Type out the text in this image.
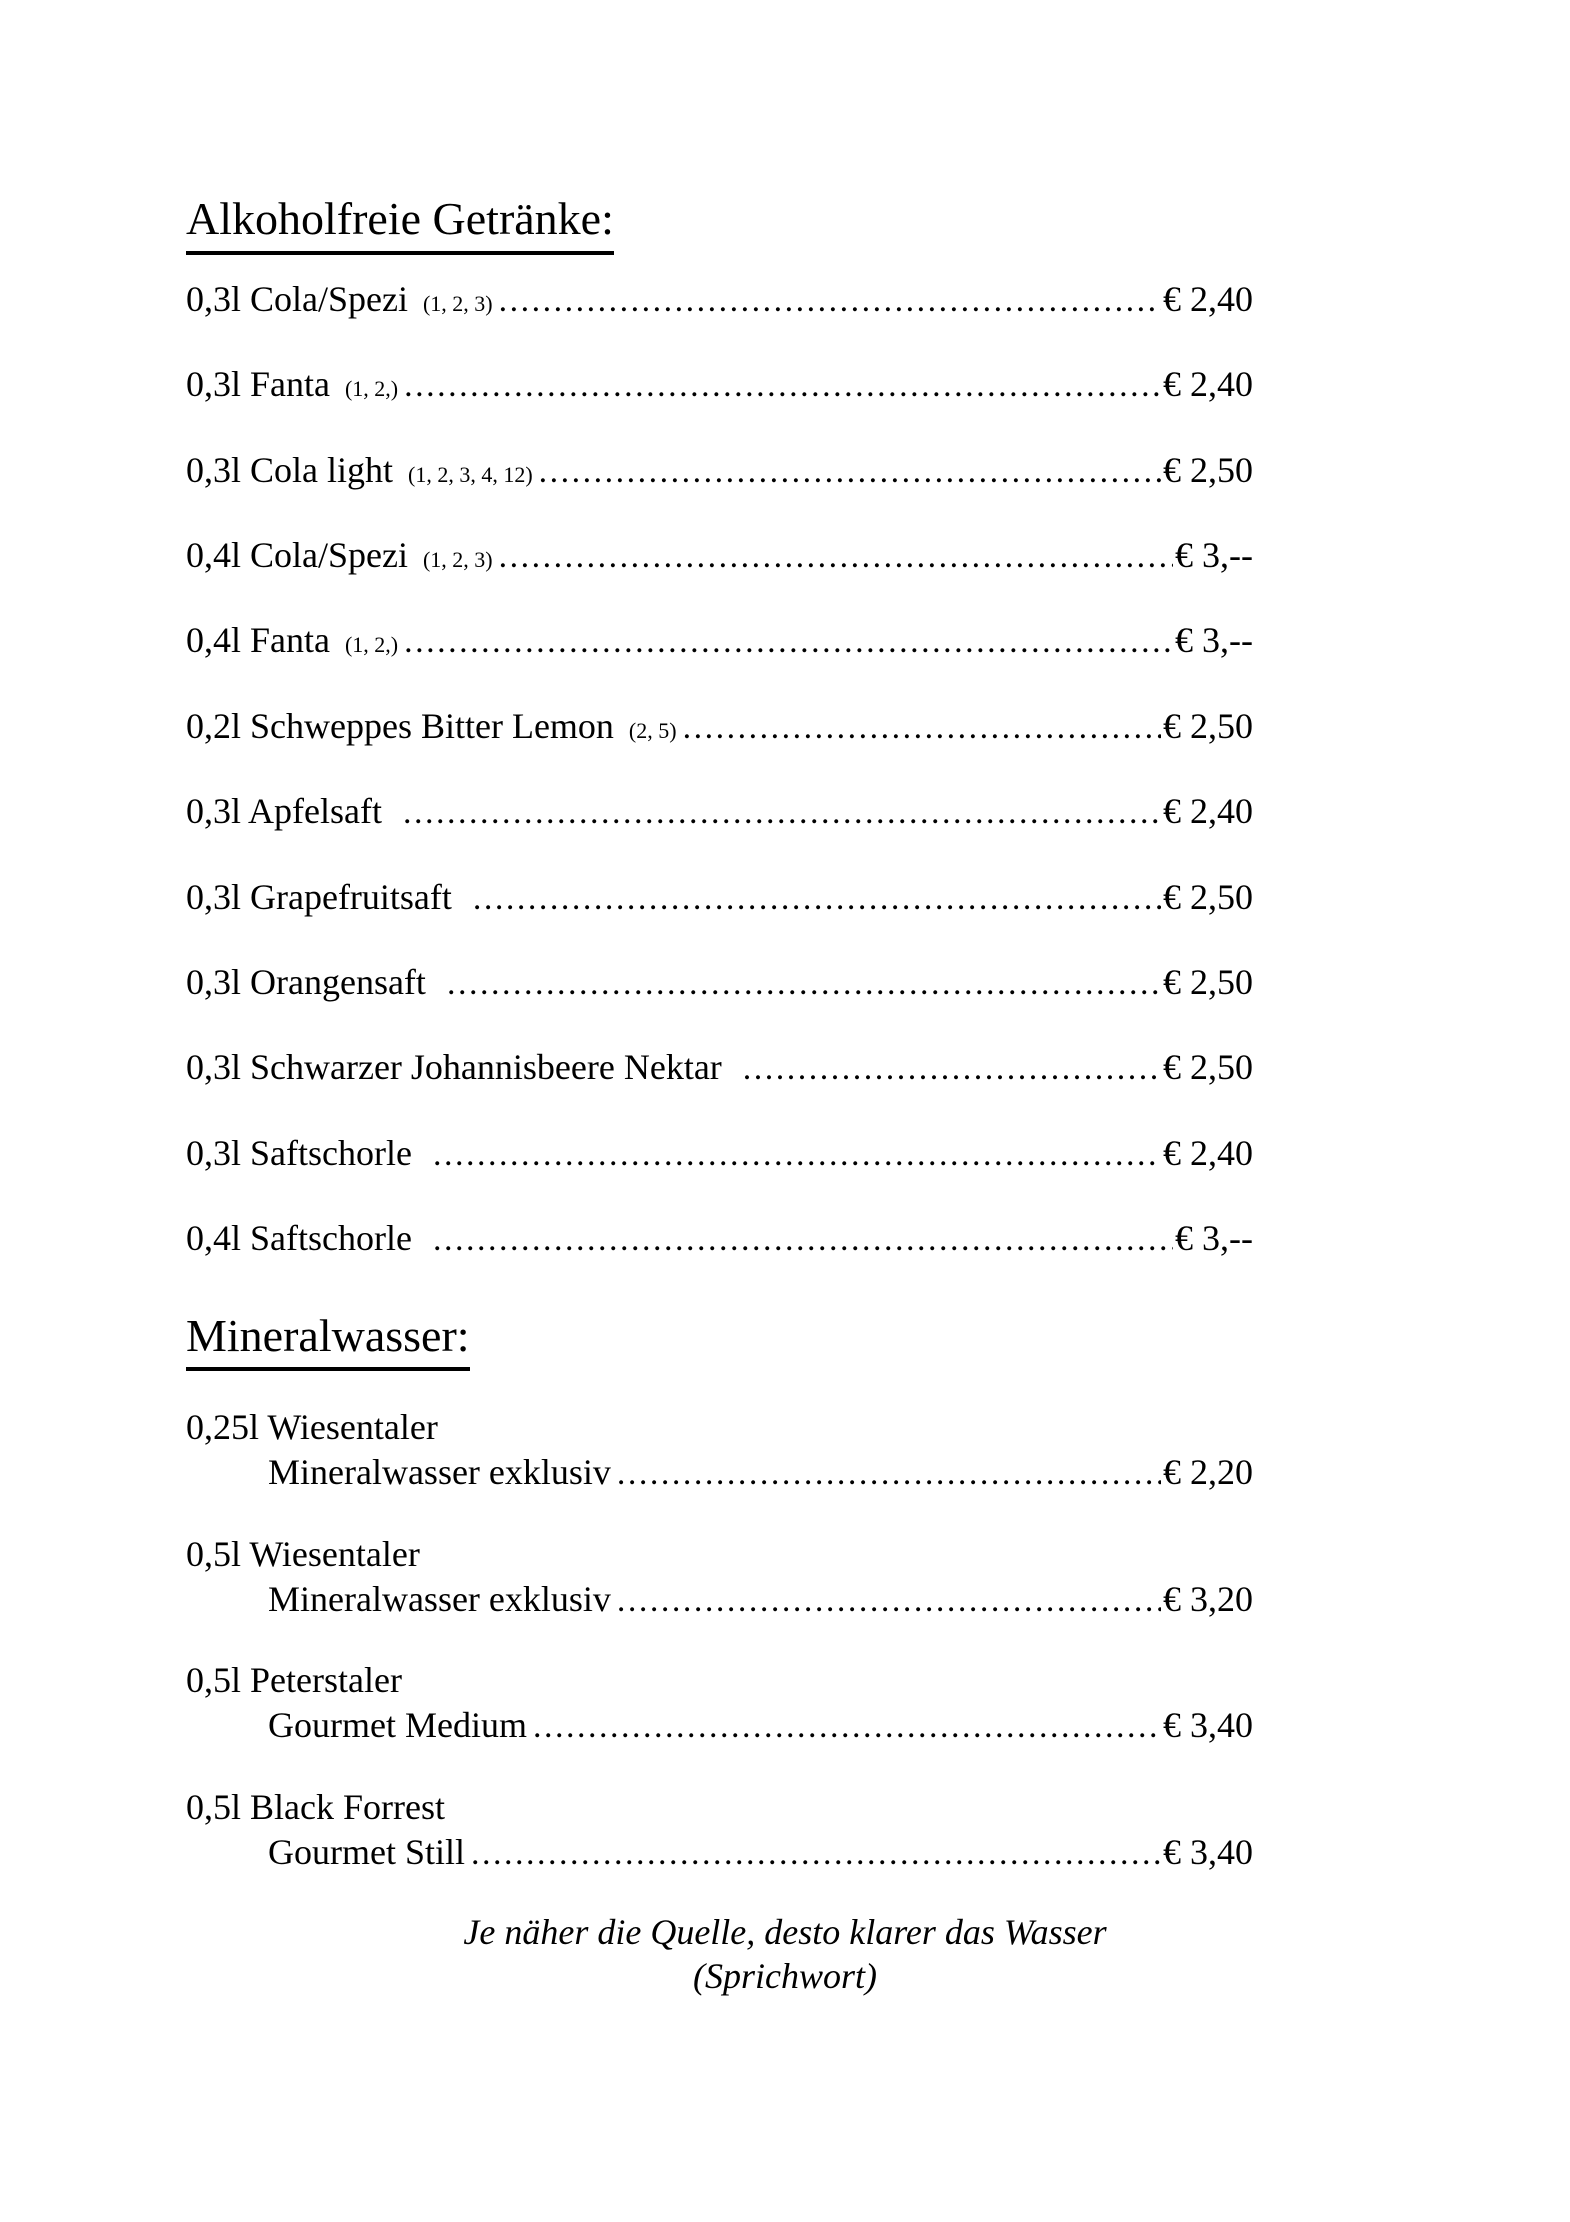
Alkoholfreie Getränke:
0,3l Cola/Spezi (1, 2, 3) .....	€ 2,40
0,3l Fanta (1, 2,) .....	€ 2,40
0,3l Cola light (1, 2, 3, 4, 12) .....	€ 2,50
0,4l Cola/Spezi (1, 2, 3) .....	€ 3,--
0,4l Fanta (1, 2,) .....	€ 3,--
0,2l Schweppes Bitter Lemon (2, 5) .....	€ 2,50
0,3l Apfelsaft .....	€ 2,40
0,3l Grapefruitsaft .....	€ 2,50
0,3l Orangensaft .....	€ 2,50
0,3l Schwarzer Johannisbeere Nektar .....	€ 2,50
0,3l Saftschorle .....	€ 2,40
0,4l Saftschorle .....	€ 3,--
Mineralwasser:
0,25l Wiesentaler
Mineralwasser exklusiv .....	€ 2,20
0,5l Wiesentaler
Mineralwasser exklusiv .....	€ 3,20
0,5l Peterstaler
Gourmet Medium .....	€ 3,40
0,5l Black Forrest
Gourmet Still .....	€ 3,40
Je näher die Quelle, desto klarer das Wasser
(Sprichwort)
